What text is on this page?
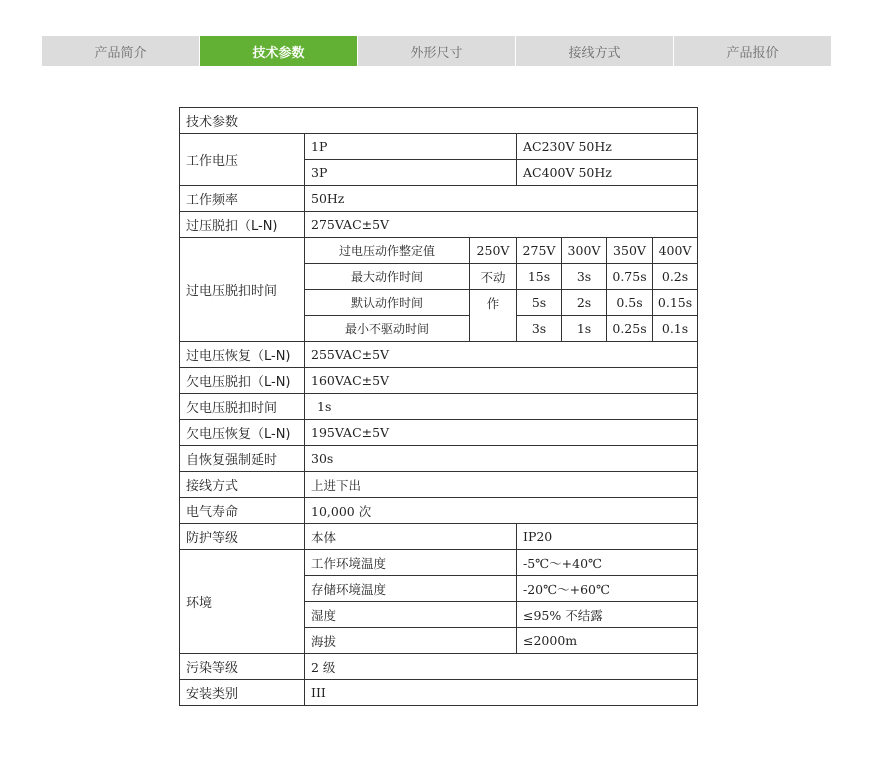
产品简介	技术参数	外形尺寸	接线方式	产品报价
技术参数						
工作电压	1P		AC230V 50Hz			
	3P		AC400V 50Hz			
工作频率	50Hz					
过压脱扣（L-N)	275VAC±5V					
过电压脱扣时间	过电压动作整定值	250V	275V	300V	350V	400V
	最大动作时间	不动	15s	3s	0.75s	0.2s
	默认动作时间	作	5s	2s	0.5s	0.15s
	最小不驱动时间		3s	1s	0.25s	0.1s
过电压恢复（L-N)	255VAC±5V					
欠电压脱扣（L-N)	160VAC±5V					
欠电压脱扣时间	1s					
欠电压恢复（L-N)	195VAC±5V					
自恢复强制延时	30s					
接线方式	上进下出					
电气寿命	10,000 次					
防护等级	本体		IP20			
环境	工作环境温度		-5℃～+40℃			
	存储环境温度		-20℃～+60℃			
	湿度		≤95% 不结露			
	海拔		≤2000m			
污染等级	2 级					
安装类别	III					
